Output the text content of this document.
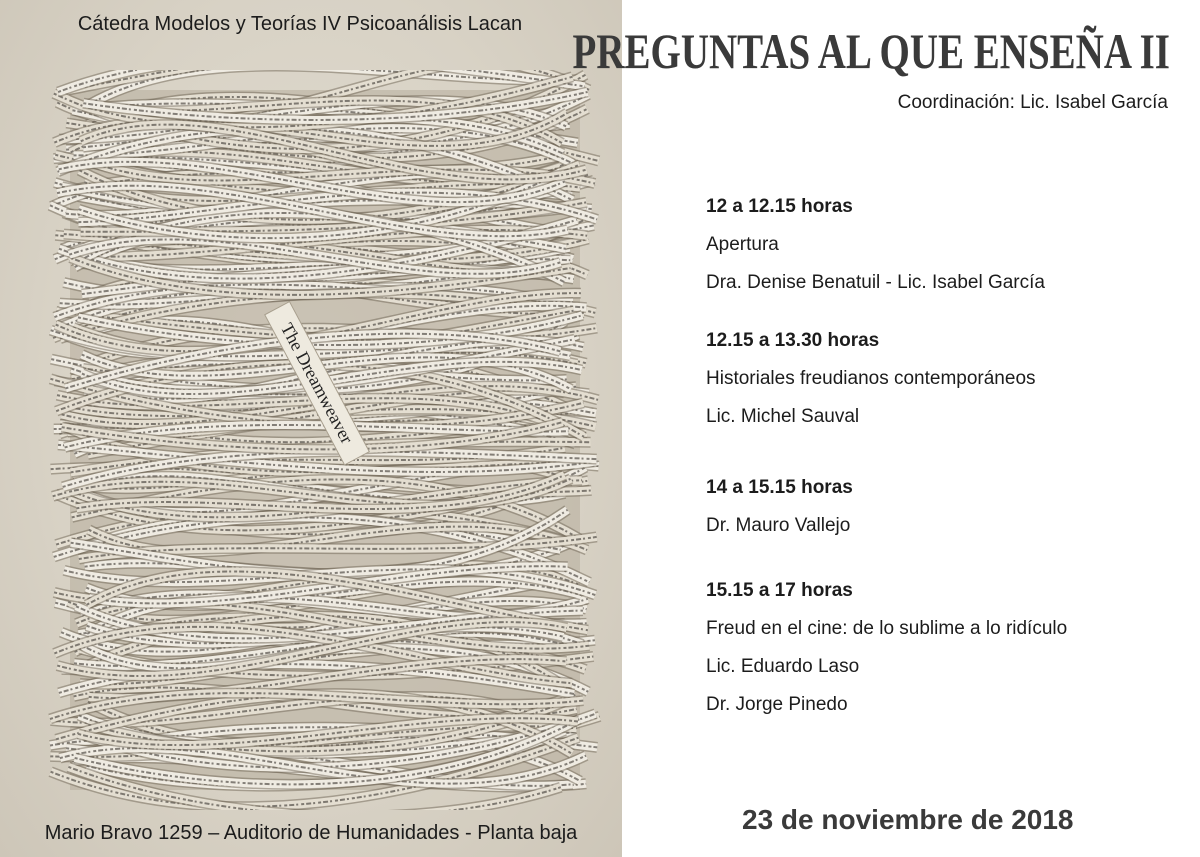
Cátedra Modelos y Teorías IV Psicoanálisis Lacan
The Dreamweaver
Mario Bravo 1259 – Auditorio de Humanidades - Planta baja
PREGUNTAS AL QUE ENSEÑA II
Coordinación: Lic. Isabel García
12 a 12.15 horas
Apertura
Dra. Denise Benatuil - Lic. Isabel García
12.15 a 13.30 horas
Historiales freudianos contemporáneos
Lic. Michel Sauval
14 a 15.15 horas
Dr. Mauro Vallejo
15.15 a 17 horas
Freud en el cine: de lo sublime a lo ridículo
Lic. Eduardo Laso
Dr. Jorge Pinedo
23 de noviembre de 2018
